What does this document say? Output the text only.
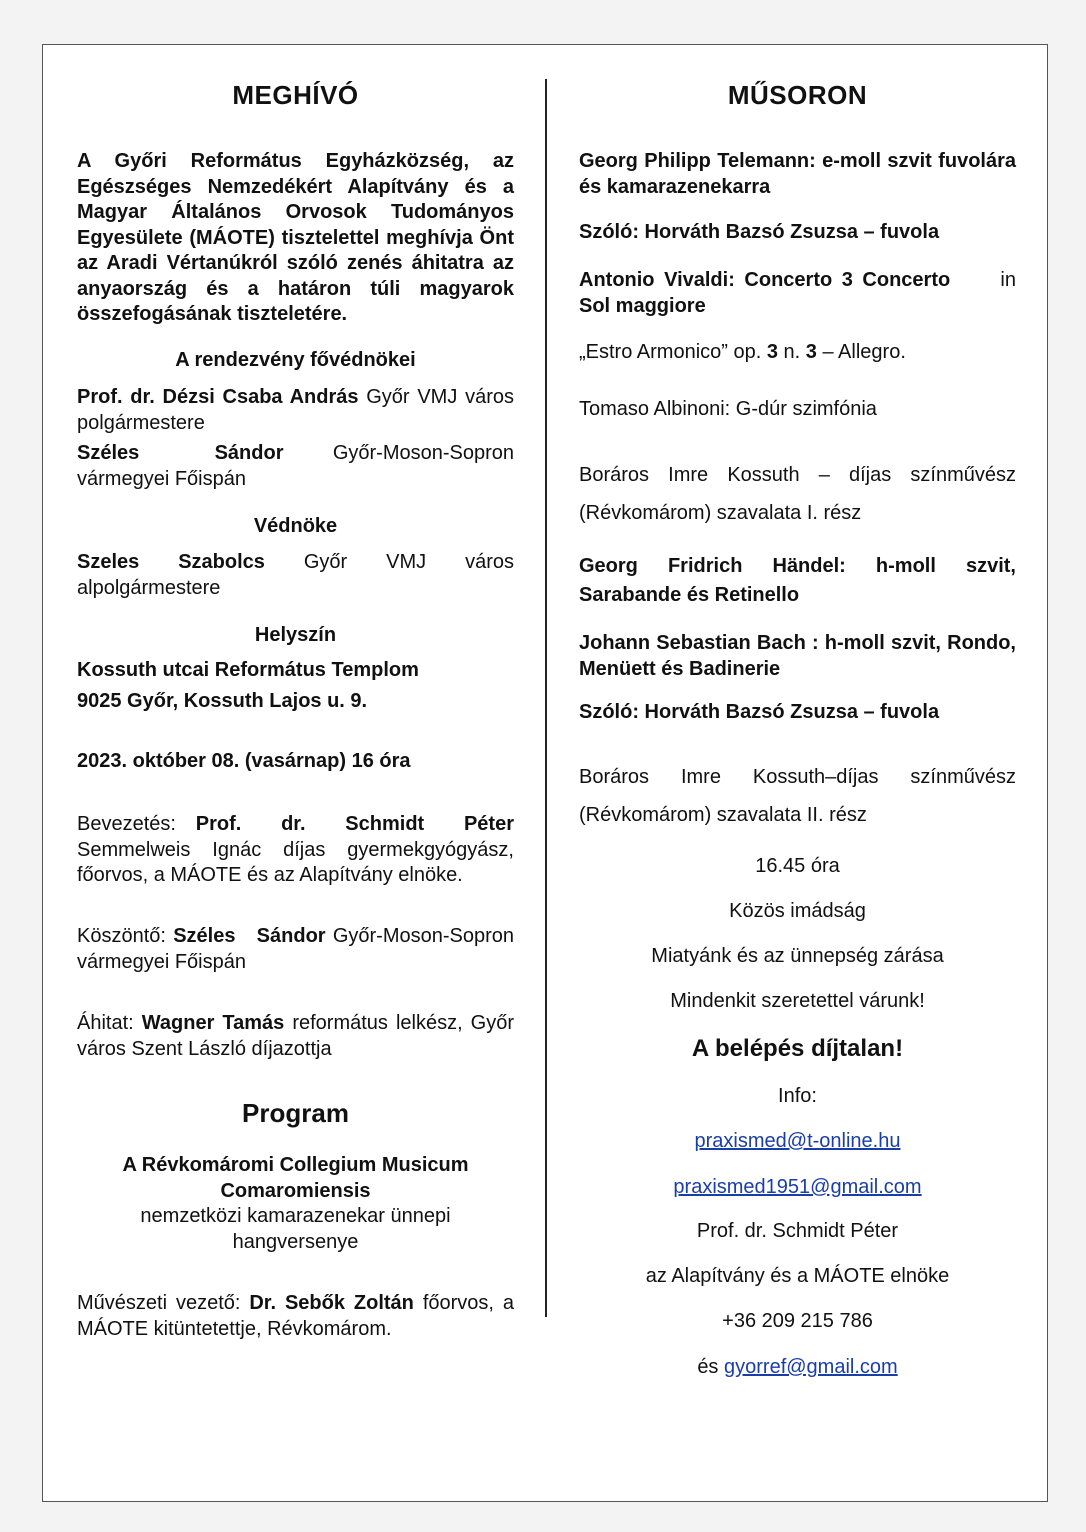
MEGHÍVÓ

A Győri Református Egyházközség, az Egészséges Nemzedékért Alapítvány és a Magyar Általános Orvosok Tudományos Egyesülete (MÁOTE) tisztelettel meghívja Önt az Aradi Vértanúkról szóló zenés áhitatra az anyaország és a határon túli magyarok összefogásának tiszteletére.

A rendezvény fővédnökei

Prof. dr. Dézsi Csaba András Győr VMJ város polgármestere

Széles Sándor Győr-Moson-Sopron vármegyei Főispán

Védnöke

Szeles Szabolcs Győr VMJ város alpolgármestere

Helyszín
Kossuth utcai Református Templom
9025 Győr, Kossuth Lajos u. 9.
2023. október 08. (vasárnap) 16 óra

Bevezetés: Prof. dr. Schmidt Péter Semmelweis Ignác díjas gyermekgyógyász, főorvos, a MÁOTE és az Alapítvány elnöke.

Köszöntő: Széles Sándor Győr-Moson-Sopron vármegyei Főispán

Áhitat: Wagner Tamás református lelkész, Győr város Szent László díjazottja

Program

A Révkomáromi Collegium Musicum Comaromiensis

nemzetközi kamarazenekar ünnepi hangversenye

Művészeti vezető: Dr. Sebők Zoltán főorvos, a MÁOTE kitüntetettje, Révkomárom.

MŰSORON

Georg Philipp Telemann: e-moll szvit fuvolára és kamarazenekarra

Szóló: Horváth Bazsó Zsuzsa – fuvola
Antonio Vivaldi: Concerto 3 Concerto	in
Sol maggiore
„Estro Armonico” op. 3 n. 3 – Allegro.
Tomaso Albinoni: G-dúr szimfónia

Boráros Imre Kossuth – díjas színművész (Révkomárom) szavalata I. rész

Georg Fridrich Händel: h-moll szvit, Sarabande és Retinello

Johann Sebastian Bach : h-moll szvit, Rondo, Menüett és Badinerie

Szóló: Horváth Bazsó Zsuzsa – fuvola

Boráros Imre Kossuth–díjas színművész (Révkomárom) szavalata II. rész

16.45 óra
Közös imádság
Miatyánk és az ünnepség zárása
Mindenkit szeretettel várunk!
A belépés díjtalan!
Info:
praxismed@t-online.hu
praxismed1951@gmail.com
Prof. dr. Schmidt Péter
az Alapítvány és a MÁOTE elnöke
+36 209 215 786
és gyorref@gmail.com
